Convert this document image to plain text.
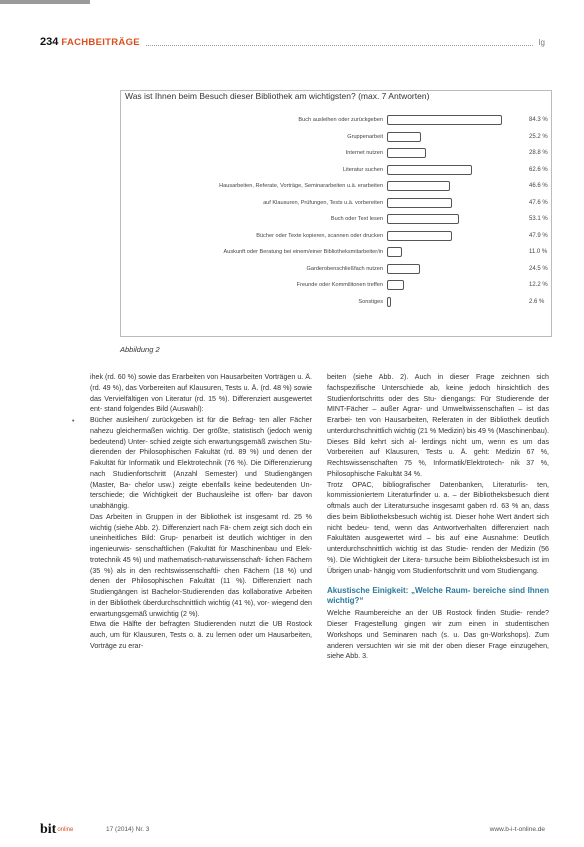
234 FACHBEITRÄGE	lg
Was ist Ihnen beim Besuch dieser Bibliothek am wichtigsten? (max. 7 Antworten)
Buch ausleihen oder zurückgeben	84.3 %
Gruppenarbeit	25.2 %
Internet nutzen	28.8 %
Literatur suchen	62.6 %
Hausarbeiten, Referate, Vorträge, Seminararbeiten u.ä. erarbeiten	46.6 %
auf Klausuren, Prüfungen, Tests u.ä. vorbereiten	47.6 %
Buch oder Text lesen	53.1 %
Bücher oder Texte kopieren, scannen oder drucken	47.9 %
Auskunft oder Beratung bei einem/einer Bibliotheksmitarbeiter/in	11.0 %
Garderobenschließfach nutzen	24.5 %
Freunde oder Kommilitonen treffen	12.2 %
Sonstiges	2.6 %
Abbildung 2
•

ihek (rd. 60 %) sowie das Erarbeiten von Hausarbeiten Vorträgen u. Ä. (rd. 49 %), das Vorbereiten auf Klausuren, Tests u. Ä. (rd. 48 %) sowie das Vervielfältigen von Literatur (rd. 15 %). Differenziert ausgewertet ent- stand folgendes Bild (Auswahl):

Bücher ausleihen/ zurückgeben ist für die Befrag- ten aller Fächer nahezu gleichermaßen wichtig. Der größte, statistisch (jedoch wenig bedeutend) Unter- schied zeigte sich erwartungsgemäß zwischen Stu- dierenden der Philosophischen Fakultät (rd. 89 %) und denen der Fakultät für Informatik und Elektrotechnik (76 %). Die Differenzierung nach Studienfortschritt (Anzahl Semester) und Studiengängen (Master, Ba- chelor usw.) zeigte ebenfalls keine bedeutenden Un- terschiede; die Wichtigkeit der Buchausleihe ist offen- bar davon unabhängig.

Das Arbeiten in Gruppen in der Bibliothek ist insgesamt rd. 25 % wichtig (siehe Abb. 2). Differenziert nach Fä- chern zeigt sich doch ein uneinheitliches Bild: Grup- penarbeit ist deutlich wichtiger in den ingenieurwis- senschaftlichen (Fakultät für Maschinenbau und Elek- trotechnik 45 %) und mathematisch-naturwissenschaft- lichen Fächern (35 %) als in den rechtswissenschaftli- chen Fächern (18 %) und denen der Philosophischen Fakultät (11 %). Differenziert nach Studiengängen ist Bachelor-Studierenden das kollaborative Arbeiten in der Bibliothek überdurchschnittlich wichtig (41 %), vor- wiegend den erwartungsgemäß unwichtig (2 %).

Etwa die Hälfte der befragten Studierenden nutzt die UB Rostock auch, um für Klausuren, Tests o. ä. zu lernen oder um Hausarbeiten, Vorträge zu erar-

beiten (siehe Abb. 2). Auch in dieser Frage zeichnen sich fachspezifische Unterschiede ab, keine jedoch hinsichtlich des Studienfortschritts oder des Stu- diengangs: Für Studierende der MINT-Fächer – außer Agrar- und Umweltwissenschaften – ist das Erarbei- ten von Hausarbeiten, Referaten in der Bibliothek deutlich unterdurchschnittlich wichtig (21 % Medizin) bis 49 % (Maschinenbau). Dieses Bild kehrt sich al- lerdings nicht um, wenn es um das Vorbereiten auf Klausuren, Tests u. Ä. geht: Medizin 67 %, Rechtswissenschaften 75 %, Informatik/Elektrotech- nik 37 %, Philosophische Fakultät 34 %.

Trotz OPAC, bibliografischer Datenbanken, Literaturlis- ten, kommissioniertem Literaturfinder u. a. – der Bibliotheksbesuch dient oftmals auch der Literatursuche insgesamt gaben rd. 63 % an, dass dies beim Bibliotheksbesuch wichtig ist. Dieser hohe Wert ändert sich nicht bedeu- tend, wenn das Antwortverhalten differenziert nach Fakultäten ausgewertet wird – bis auf eine Ausnahme: Deutlich unterdurchschnittlich wichtig ist das Studie- renden der Medizin (56 %). Die Wichtigkeit der Litera- tursuche beim Bibliotheksbesuch ist im Übrigen unab- hängig vom Studienfortschritt und vom Studiengang.

Akustische Einigkeit: „Welche Raum- bereiche sind Ihnen wichtig?“

Welche Raumbereiche an der UB Rostock finden Studie- rende? Dieser Fragestellung gingen wir zum einen in studentischen Workshops und Seminaren nach (s. u. Das gn-Workshops). Zum anderen versuchten wir sie mit der oben dieser Frage einzugehen, siehe Abb. 3.

bitonline	17 (2014) Nr. 3	www.b-i-t-online.de
